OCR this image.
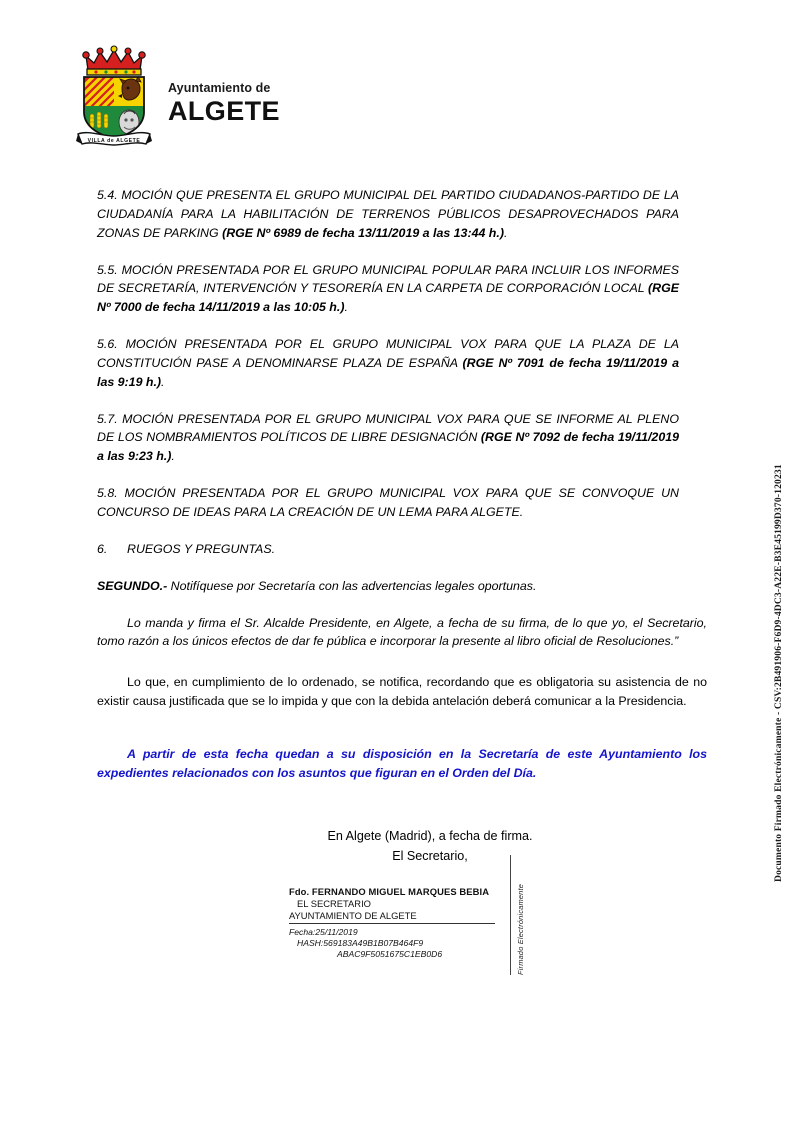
VILLA de ALGETE
Ayuntamiento de
ALGETE

5.4. MOCIÓN QUE PRESENTA EL GRUPO MUNICIPAL DEL PARTIDO CIUDADANOS-PARTIDO DE LA CIUDADANÍA PARA LA HABILITACIÓN DE TERRENOS PÚBLICOS DESAPROVECHADOS PARA ZONAS DE PARKING (RGE Nº 6989 de fecha 13/11/2019 a las 13:44 h.).

5.5. MOCIÓN PRESENTADA POR EL GRUPO MUNICIPAL POPULAR PARA INCLUIR LOS INFORMES DE SECRETARÍA, INTERVENCIÓN Y TESORERÍA EN LA CARPETA DE CORPORACIÓN LOCAL (RGE Nº 7000 de fecha 14/11/2019 a las 10:05 h.).

5.6. MOCIÓN PRESENTADA POR EL GRUPO MUNICIPAL VOX PARA QUE LA PLAZA DE LA CONSTITUCIÓN PASE A DENOMINARSE PLAZA DE ESPAÑA (RGE Nº 7091 de fecha 19/11/2019 a las 9:19 h.).

5.7. MOCIÓN PRESENTADA POR EL GRUPO MUNICIPAL VOX PARA QUE SE INFORME AL PLENO DE LOS NOMBRAMIENTOS POLÍTICOS DE LIBRE DESIGNACIÓN (RGE Nº 7092 de fecha 19/11/2019 a las 9:23 h.).

5.8. MOCIÓN PRESENTADA POR EL GRUPO MUNICIPAL VOX PARA QUE SE CONVOQUE UN CONCURSO DE IDEAS PARA LA CREACIÓN DE UN LEMA PARA ALGETE.

6.	RUEGOS Y PREGUNTAS.

SEGUNDO.- Notifíquese por Secretaría con las advertencias legales oportunas.

Lo manda y firma el Sr. Alcalde Presidente, en Algete, a fecha de su firma, de lo que yo, el Secretario, tomo razón a los únicos efectos de dar fe pública e incorporar la presente al libro oficial de Resoluciones.”

Lo que, en cumplimiento de lo ordenado, se notifica, recordando que es obligatoria su asistencia de no existir causa justificada que se lo impida y que con la debida antelación deberá comunicar a la Presidencia.

A partir de esta fecha quedan a su disposición en la Secretaría de este Ayuntamiento los expedientes relacionados con los asuntos que figuran en el Orden del Día.

En Algete (Madrid), a fecha de firma.
El Secretario,
Fdo. FERNANDO MIGUEL MARQUES BEBIA
EL SECRETARIO
AYUNTAMIENTO DE ALGETE
Fecha:25/11/2019
HASH:569183A49B1B07B464F9
ABAC9F5051675C1EB0D6	Firmado Electrónicamente
Documento Firmado Electrónicamente - CSV:2B491906-F6D9-4DC3-A22E-B3E45199D370-120231
